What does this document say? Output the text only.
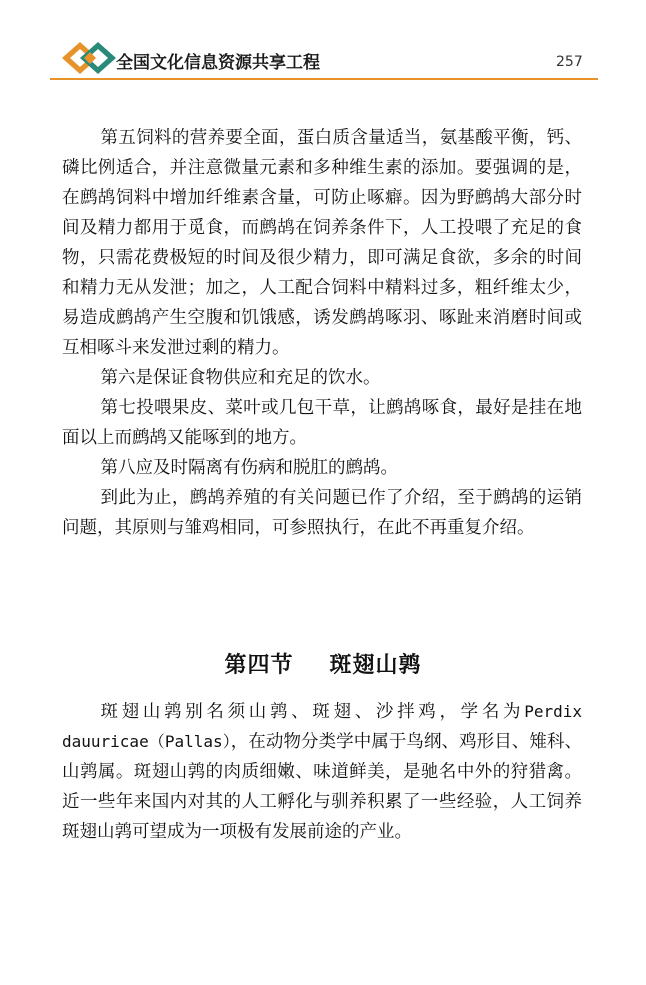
全国文化信息资源共享工程	257

第五饲料的营养要全面，蛋白质含量适当，氨基酸平衡，钙、磷比例适合，并注意微量元素和多种维生素的添加。要强调的是，在鹧鸪饲料中增加纤维素含量，可防止啄癖。因为野鹧鸪大部分时间及精力都用于觅食，而鹧鸪在饲养条件下，人工投喂了充足的食物，只需花费极短的时间及很少精力，即可满足食欲，多余的时间和精力无从发泄；加之，人工配合饲料中精料过多，粗纤维太少，易造成鹧鸪产生空腹和饥饿感，诱发鹧鸪啄羽、啄趾来消磨时间或互相啄斗来发泄过剩的精力。

第六是保证食物供应和充足的饮水。

第七投喂果皮、菜叶或几包干草，让鹧鸪啄食，最好是挂在地面以上而鹧鸪又能啄到的地方。

第八应及时隔离有伤病和脱肛的鹧鸪。

到此为止，鹧鸪养殖的有关问题已作了介绍，至于鹧鸪的运销问题，其原则与雏鸡相同，可参照执行，在此不再重复介绍。

第四节 斑翅山鹑

斑翅山鹑别名须山鹑、斑翅、沙拌鸡，学名为Perdix dauuricae（Pallas），在动物分类学中属于鸟纲、鸡形目、雉科、山鹑属。斑翅山鹑的肉质细嫩、味道鲜美，是驰名中外的狩猎禽。近一些年来国内对其的人工孵化与驯养积累了一些经验，人工饲养斑翅山鹑可望成为一项极有发展前途的产业。
